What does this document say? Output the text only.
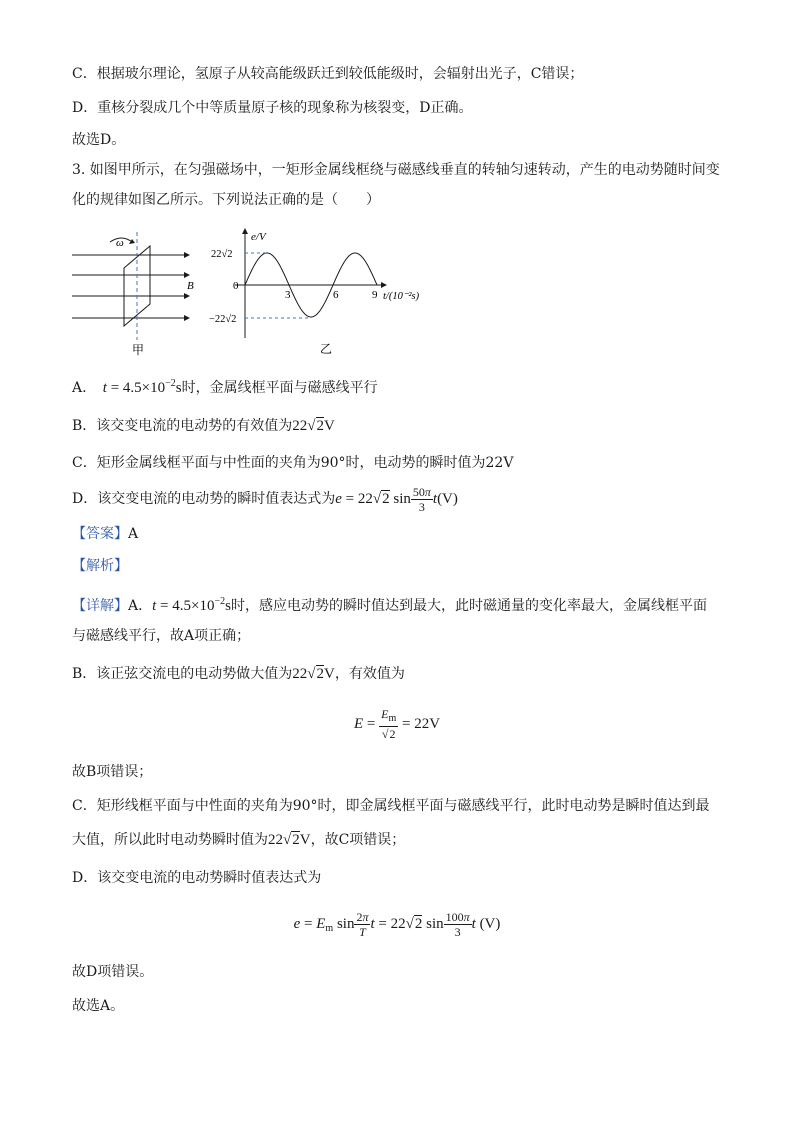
C．根据玻尔理论，氢原子从较高能级跃迁到较低能级时，会辐射出光子，C错误；
D．重核分裂成几个中等质量原子核的现象称为核裂变，D正确。
故选D。
3. 如图甲所示，在匀强磁场中，一矩形金属线框绕与磁感线垂直的转轴匀速转动，产生的电动势随时间变
化的规律如图乙所示。下列说法正确的是（　　）
ω
B
甲
e/V
22√2
−22√2
0
3	6	9 t/(10⁻²s)
乙
A. $t = 4.5\times 10^{-2}s$时，金属线框平面与磁感线平行
B．该交变电流的电动势的有效值为22√2V
C．矩形金属线框平面与中性面的夹角为90°时，电动势的瞬时值为22V
D．该交变电流的电动势的瞬时值表达式为e = 22√2 $\sin \frac{50\pi}{3} t(V)$
【答案】A
【解析】
【详解】A．$t = 4.5\times 10^{-2}s$时，感应电动势的瞬时值达到最大，此时磁通量的变化率最大，金属线框平面
与磁感线平行，故A项正确；
B．该正弦交流电的电动势做大值为22√2V，有效值为
$E = \frac{E_m}{√2} = 22V$
故B项错误；
C．矩形线框平面与中性面的夹角为90°时，即金属线框平面与磁感线平行，此时电动势是瞬时值达到最
大值，所以此时电动势瞬时值为22√2V，故C项错误；
D．该交变电流的电动势瞬时值表达式为
$e = E_m$ $\sin \frac{2\pi}{T}$ t = 22√2 $\sin \frac{100\pi}{3}$ t (V)
故D项错误。
故选A。
